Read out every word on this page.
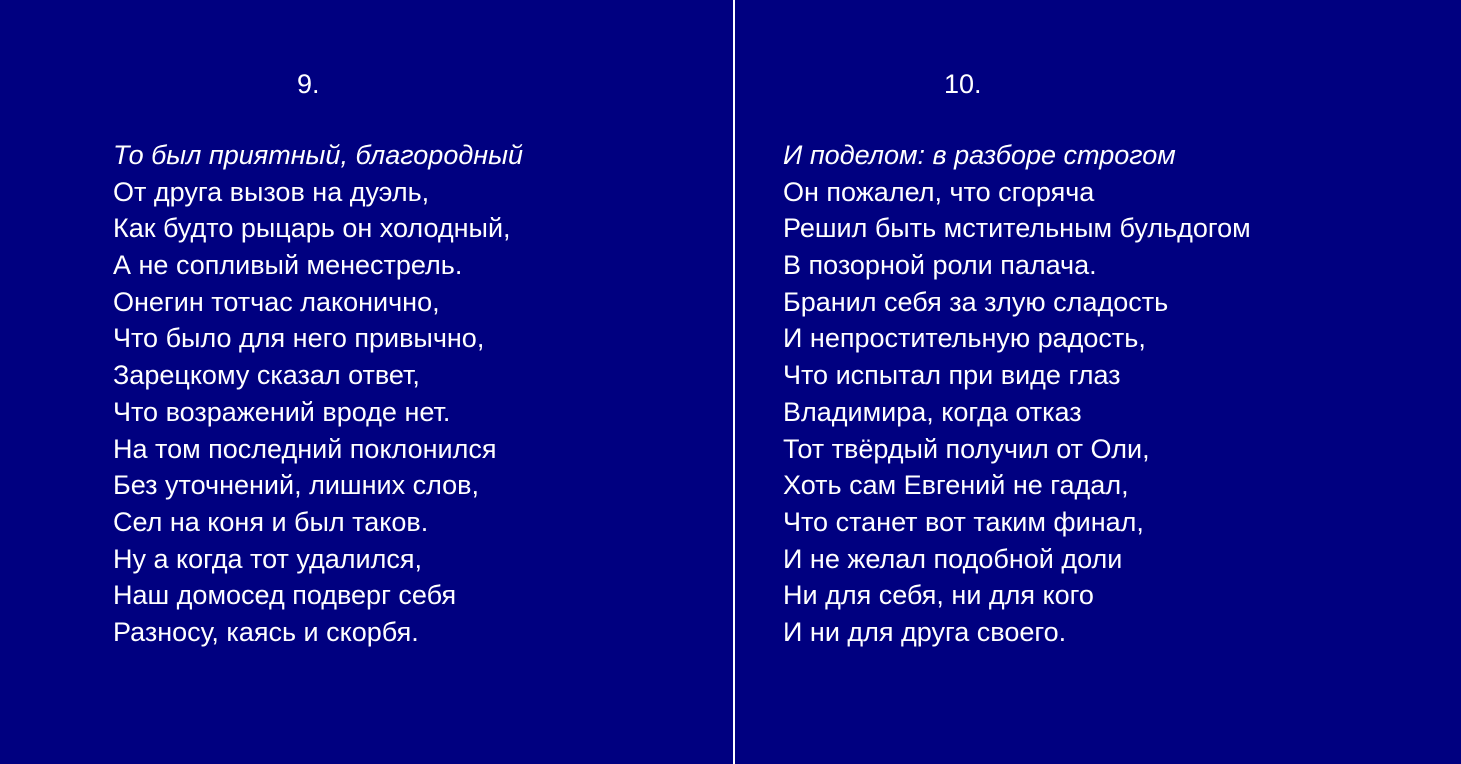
9.
То был приятный, благородный
От друга вызов на дуэль,
Как будто рыцарь он холодный,
А не сопливый менестрель.
Онегин тотчас лаконично,
Что было для него привычно,
Зарецкому сказал ответ,
Что возражений вроде нет.
На том последний поклонился
Без уточнений, лишних слов,
Сел на коня и был таков.
Ну а когда тот удалился,
Наш домосед подверг себя
Разносу, каясь и скорбя.
10.
И поделом: в разборе строгом
Он пожалел, что сгоряча
Решил быть мстительным бульдогом
В позорной роли палача.
Бранил себя за злую сладость
И непростительную радость,
Что испытал при виде глаз
Владимира, когда отказ
Тот твёрдый получил от Оли,
Хоть сам Евгений не гадал,
Что станет вот таким финал,
И не желал подобной доли
Ни для себя, ни для кого
И ни для друга своего.
